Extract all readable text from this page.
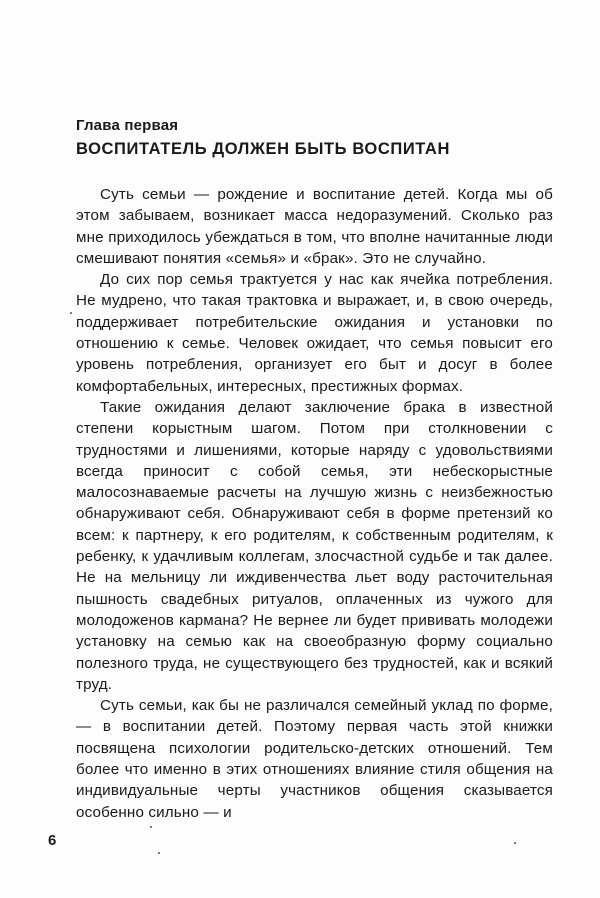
Глава первая

ВОСПИТАТЕЛЬ ДОЛЖЕН БЫТЬ ВОСПИТАН

Суть семьи — рождение и воспитание детей. Когда мы об этом забываем, возникает масса недоразумений. Сколько раз мне приходилось убеждаться в том, что вполне начитанные люди смешивают понятия «семья» и «брак». Это не случайно.

До сих пор семья трактуется у нас как ячейка потребления. Не мудрено, что такая трактовка и выражает, и, в свою очередь, поддерживает потребительские ожидания и установки по отношению к семье. Человек ожидает, что семья повысит его уровень потребления, организует его быт и досуг в более комфортабельных, интересных, престижных формах.

Такие ожидания делают заключение брака в известной степени корыстным шагом. Потом при столкновении с трудностями и лишениями, которые наряду с удовольствиями всегда приносит с собой семья, эти небескорыстные малосознаваемые расчеты на лучшую жизнь с неизбежностью обнаруживают себя. Обнаруживают себя в форме претензий ко всем: к партнеру, к его родителям, к собственным родителям, к ребенку, к удачливым коллегам, злосчастной судьбе и так далее. Не на мельницу ли иждивенчества льет воду расточительная пышность свадебных ритуалов, оплаченных из чужого для молодоженов кармана? Не вернее ли будет прививать молодежи установку на семью как на своеобразную форму социально полезного труда, не существующего без трудностей, как и всякий труд.

Суть семьи, как бы не различался семейный уклад по форме, — в воспитании детей. Поэтому первая часть этой книжки посвящена психологии родительско-детских отношений. Тем более что именно в этих отношениях влияние стиля общения на индивидуальные черты участников общения сказывается особенно сильно — и

6
